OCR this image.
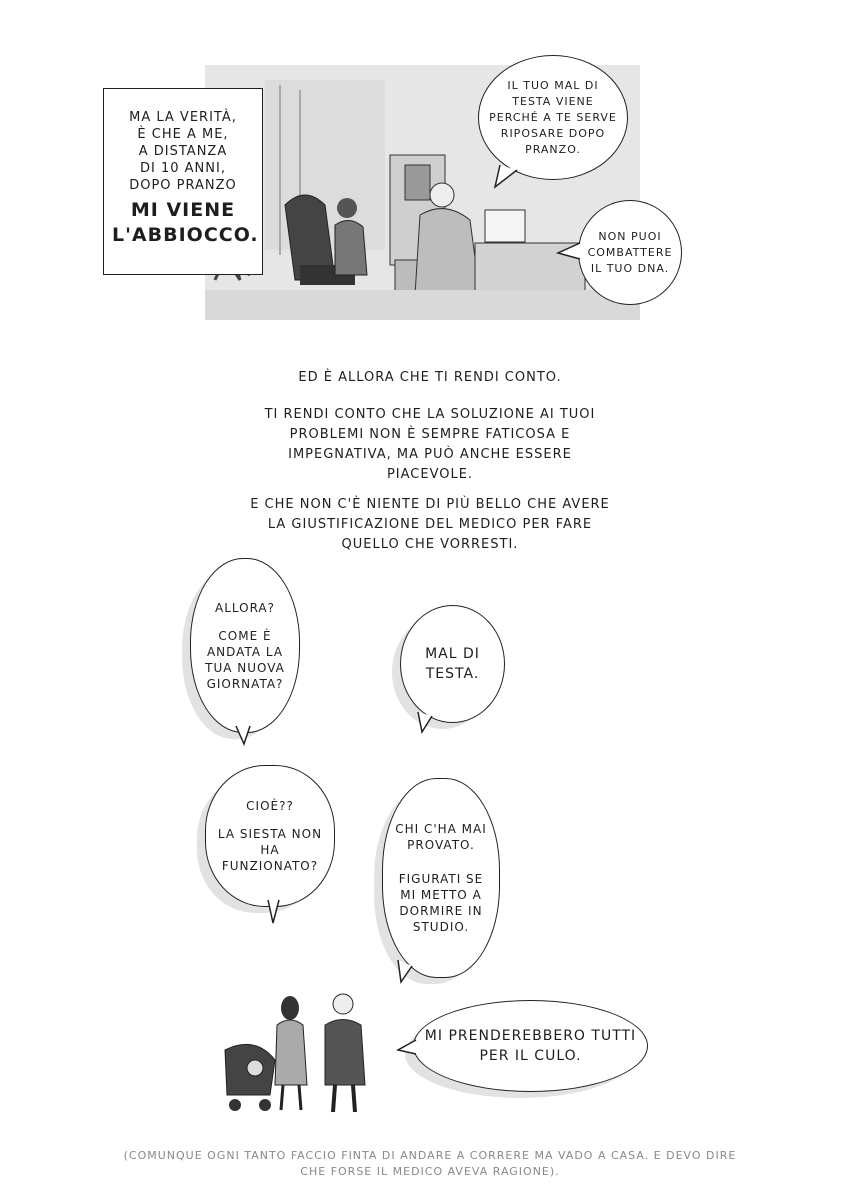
MA LA VERITÀ,
È CHE A ME,
A DISTANZA
DI 10 ANNI,
DOPO PRANZO
MI VIENE L'ABBIOCCO.
IL TUO MAL DI TESTA VIENE PERCHÉ A TE SERVE RIPOSARE DOPO PRANZO.
NON PUOI COMBATTERE IL TUO DNA.
ED È ALLORA CHE TI RENDI CONTO.
TI RENDI CONTO CHE LA SOLUZIONE AI TUOI PROBLEMI NON È SEMPRE FATICOSA E IMPEGNATIVA, MA PUÒ ANCHE ESSERE PIACEVOLE.
E CHE NON C'È NIENTE DI PIÙ BELLO CHE AVERE LA GIUSTIFICAZIONE DEL MEDICO PER FARE QUELLO CHE VORRESTI.
ALLORA?
COME È ANDATA LA TUA NUOVA GIORNATA?
MAL DI TESTA.
CIOÈ??
LA SIESTA NON HA FUNZIONATO?
CHI C'HA MAI PROVATO.
FIGURATI SE MI METTO A DORMIRE IN STUDIO.
MI PRENDEREBBERO TUTTI PER IL CULO.
(COMUNQUE OGNI TANTO FACCIO FINTA DI ANDARE A CORRERE MA VADO A CASA. E DEVO DIRE CHE FORSE IL MEDICO AVEVA RAGIONE).
